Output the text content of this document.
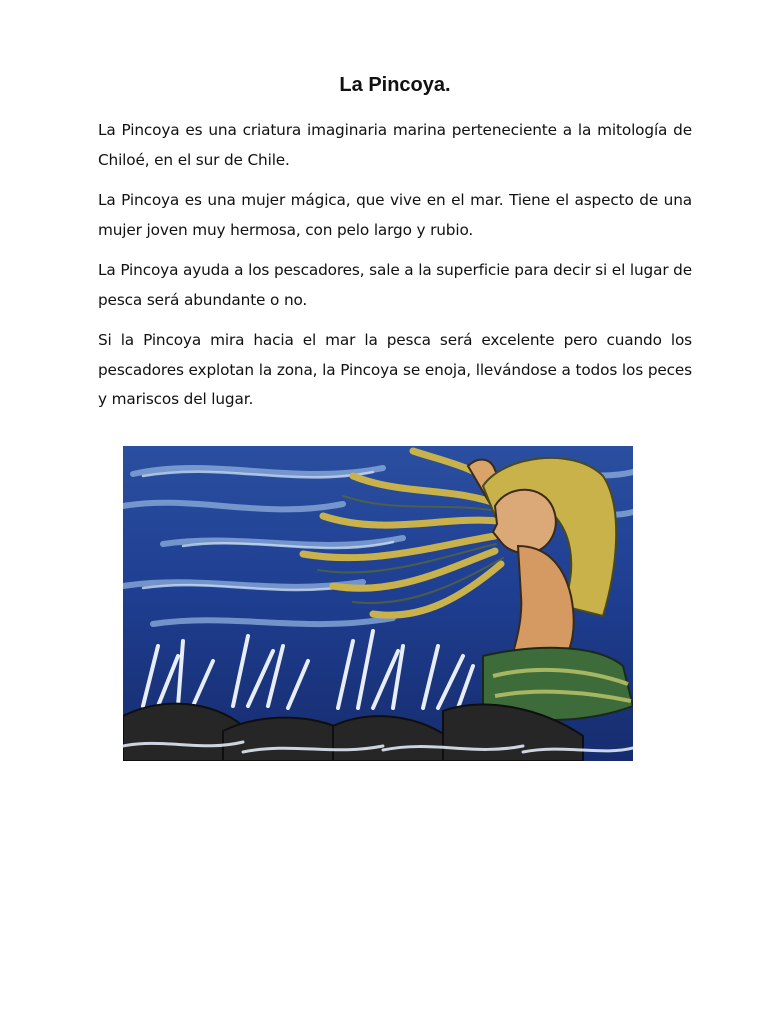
La Pincoya.

La Pincoya es una criatura imaginaria marina perteneciente a la mitología de Chiloé, en el sur de Chile.

La Pincoya es una mujer mágica, que vive en el mar. Tiene el aspecto de una mujer joven muy hermosa, con pelo largo y rubio.

La Pincoya ayuda a los pescadores, sale a la superficie para decir si el lugar de pesca será abundante o no.

Si la Pincoya mira hacia el mar la pesca será excelente pero cuando los pescadores explotan la zona, la Pincoya se enoja, llevándose a todos los peces y mariscos del lugar.
